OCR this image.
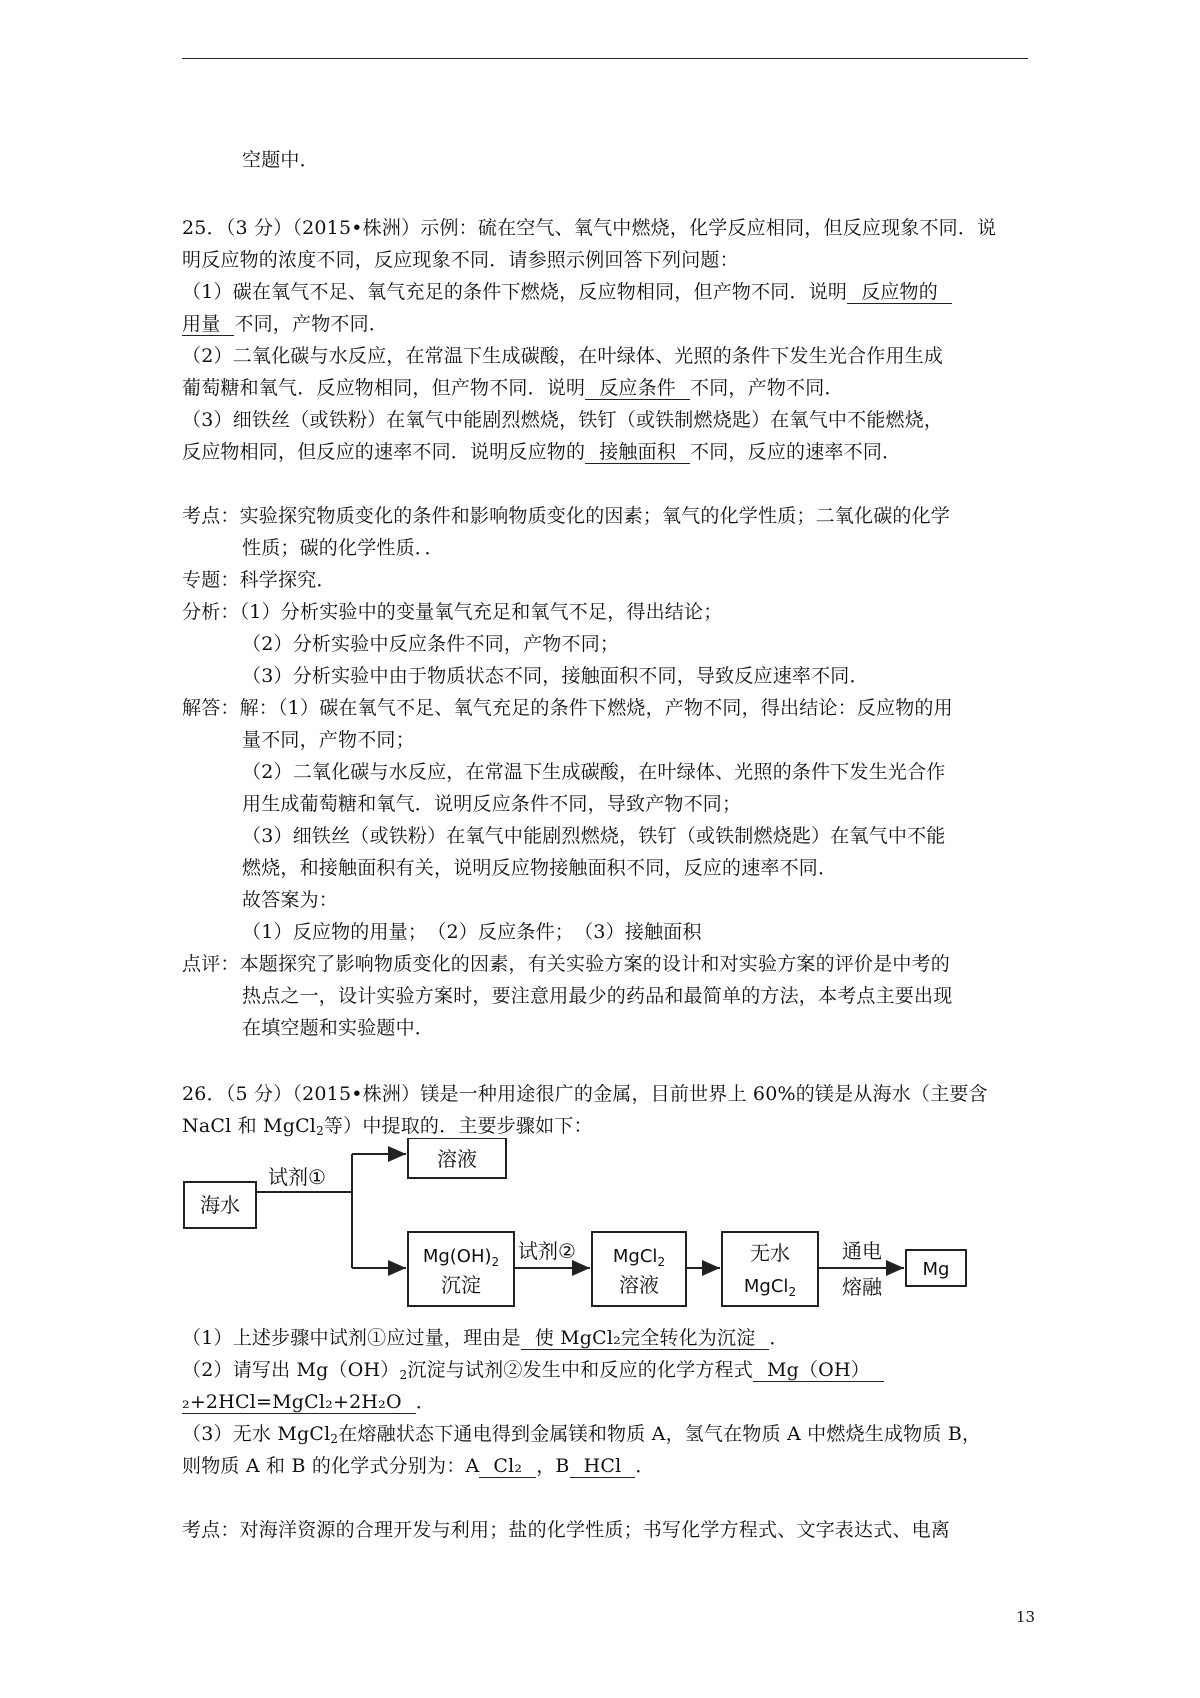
空题中．
25．（3 分）（2015•株洲）示例：硫在空气、氧气中燃烧，化学反应相同，但反应现象不同．说
明反应物的浓度不同，反应现象不同．请参照示例回答下列问题：
（1）碳在氧气不足、氧气充足的条件下燃烧，反应物相同，但产物不同．说明 反应物的
用量 不同，产物不同．
（2）二氧化碳与水反应，在常温下生成碳酸，在叶绿体、光照的条件下发生光合作用生成
葡萄糖和氧气．反应物相同，但产物不同．说明 反应条件 不同，产物不同．
（3）细铁丝（或铁粉）在氧气中能剧烈燃烧，铁钉（或铁制燃烧匙）在氧气中不能燃烧，
反应物相同，但反应的速率不同．说明反应物的 接触面积 不同，反应的速率不同．
考点：实验探究物质变化的条件和影响物质变化的因素；氧气的化学性质；二氧化碳的化学
性质；碳的化学性质．．
专题：科学探究．
分析：（1）分析实验中的变量氧气充足和氧气不足，得出结论；
（2）分析实验中反应条件不同，产物不同；
（3）分析实验中由于物质状态不同，接触面积不同，导致反应速率不同．
解答：解：（1）碳在氧气不足、氧气充足的条件下燃烧，产物不同，得出结论：反应物的用
量不同，产物不同；
（2）二氧化碳与水反应，在常温下生成碳酸，在叶绿体、光照的条件下发生光合作
用生成葡萄糖和氧气．说明反应条件不同，导致产物不同；
（3）细铁丝（或铁粉）在氧气中能剧烈燃烧，铁钉（或铁制燃烧匙）在氧气中不能
燃烧，和接触面积有关，说明反应物接触面积不同，反应的速率不同．
故答案为：
（1）反应物的用量；　（2）反应条件；　（3）接触面积
点评：本题探究了影响物质变化的因素，有关实验方案的设计和对实验方案的评价是中考的
热点之一，设计实验方案时，要注意用最少的药品和最简单的方法，本考点主要出现
在填空题和实验题中．
26．（5 分）（2015•株洲）镁是一种用途很广的金属，目前世界上 60%的镁是从海水（主要含
NaCl 和 MgCl$_2$等）中提取的．主要步骤如下：
海水
试剂①
溶液
$Mg(OH)_2$
沉淀
试剂② MgCl$_2$
溶液
无水
MgCl$_2$
通电
熔融
Mg
（1）上述步骤中试剂①应过量，理由是 使 MgCl₂完全转化为沉淀 ．
（2）请写出 $Mg(OH)_2$沉淀与试剂②发生中和反应的化学方程式 Mg（OH）
₂+2HCl=MgCl₂+2H₂O ．
（3）无水 MgCl$_2$在熔融状态下通电得到金属镁和物质 A，氢气在物质 A 中燃烧生成物质 B，
则物质 A 和 B 的化学式分别为：A Cl₂ ，B HCl ．
考点：对海洋资源的合理开发与利用；盐的化学性质；书写化学方程式、文字表达式、电离
13
